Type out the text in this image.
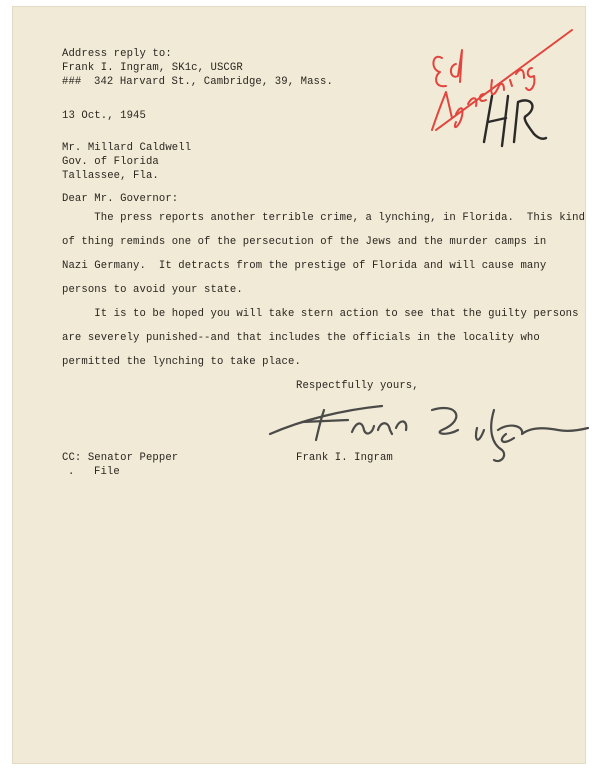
Address reply to:
Frank I. Ingram, SK1c, USCGR
### 342 Harvard St., Cambridge, 39, Mass.
13 Oct., 1945
Mr. Millard Caldwell
Gov. of Florida
Tallassee, Fla.
Dear Mr. Governor:
The press reports another terrible crime, a lynching, in Florida.  This kind
of thing reminds one of the persecution of the Jews and the murder camps in
Nazi Germany.  It detracts from the prestige of Florida and will cause many
persons to avoid your state.
It is to be hoped you will take stern action to see that the guilty persons
are severely punished--and that includes the officials in the locality who
permitted the lynching to take place.
Respectfully yours,
Frank I. Ingram
CC: Senator Pepper
. File
